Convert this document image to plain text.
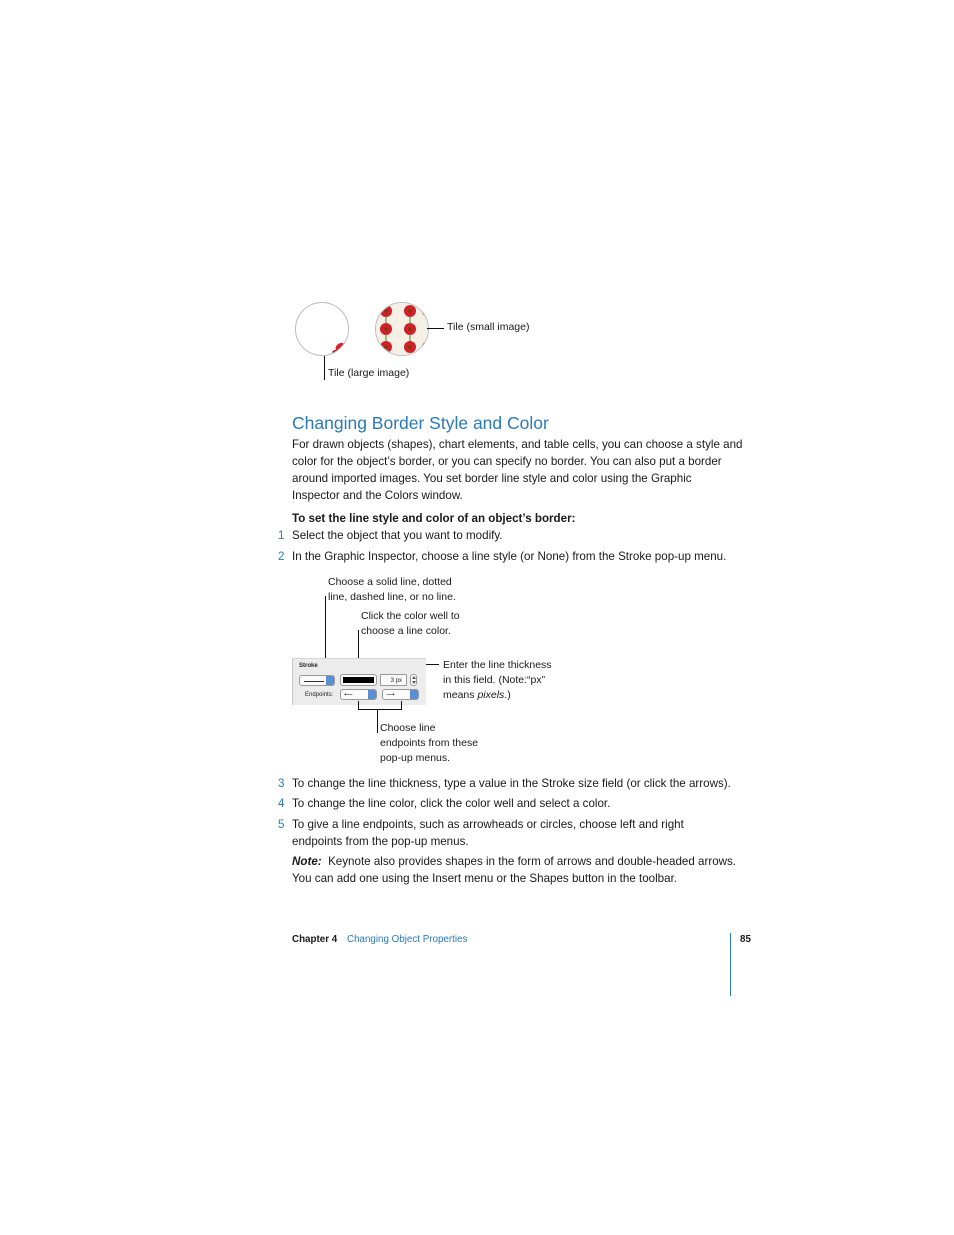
Tile (small image)
Tile (large image)
Changing Border Style and Color
For drawn objects (shapes), chart elements, and table cells, you can choose a style and
color for the object’s border, or you can specify no border. You can also put a border
around imported images. You set border line style and color using the Graphic
Inspector and the Colors window.
To set the line style and color of an object’s border:
1 Select the object that you want to modify.
2 In the Graphic Inspector, choose a line style (or None) from the Stroke pop-up menu.
Choose a solid line, dotted
line, dashed line, or no line.
Click the color well to
choose a line color.
Enter the line thickness
in this field. (Note:“px”
means pixels.)
Stroke
3 px
Endpoints: ⟵	⟶
Choose line
endpoints from these
pop-up menus.
3 To change the line thickness, type a value in the Stroke size field (or click the arrows).
4 To change the line color, click the color well and select a color.
5 To give a line endpoints, such as arrowheads or circles, choose left and right
endpoints from the pop-up menus.
Note: Keynote also provides shapes in the form of arrows and double-headed arrows.
You can add one using the Insert menu or the Shapes button in the toolbar.
Chapter 4 Changing Object Properties	85
